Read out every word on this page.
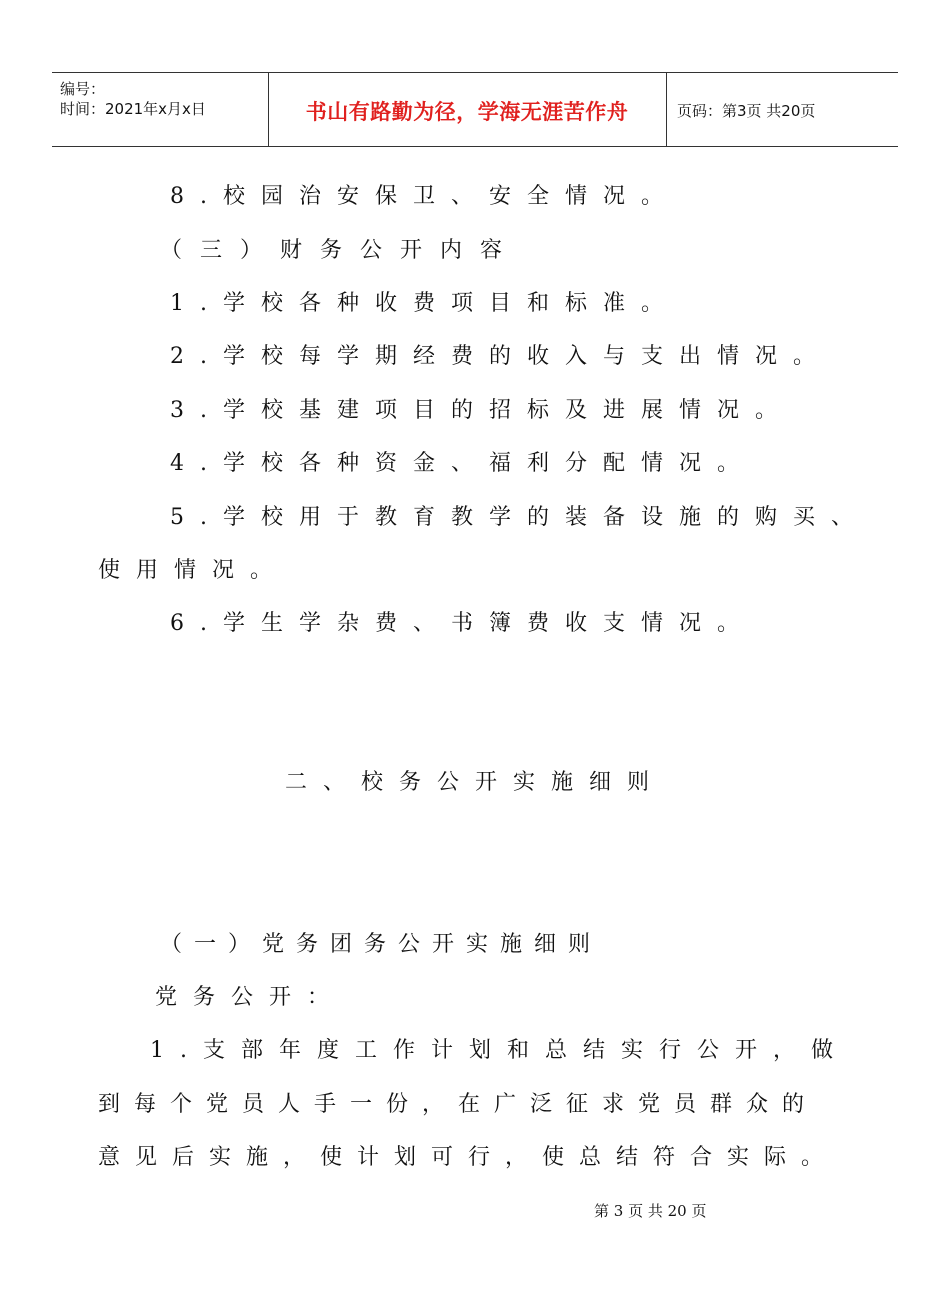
编号：
时间：2021年x月x日	书山有路勤为径，学海无涯苦作舟	页码：第3页 共20页
8.校园治安保卫、安全情况。
（三）财务公开内容
1.学校各种收费项目和标准。
2.学校每学期经费的收入与支出情况。
3.学校基建项目的招标及进展情况。
4.学校各种资金、福利分配情况。
5.学校用于教育教学的装备设施的购买、
使用情况。
6.学生学杂费、书簿费收支情况。
二、校务公开实施细则
（一）党务团务公开实施细则
党务公开：
1.支部年度工作计划和总结实行公开，做
到每个党员人手一份，在广泛征求党员群众的
意见后实施，使计划可行，使总结符合实际。
第 3 页 共 20 页
